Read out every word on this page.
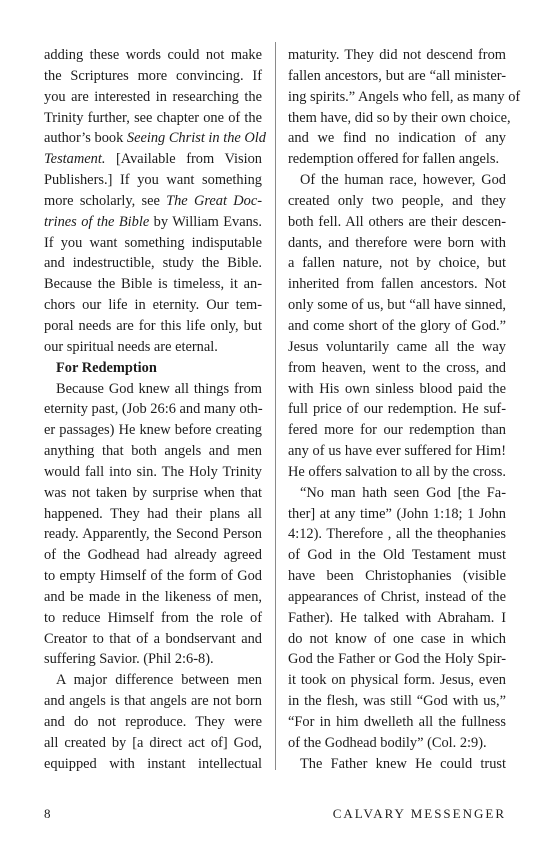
adding these words could not make
the Scriptures more convincing. If
you are interested in researching the
Trinity further, see chapter one of the
author’s book Seeing Christ in the Old
Testament. [Available from Vision
Publishers.] If you want something
more scholarly, see The Great Doc-
trines of the Bible by William Evans.
If you want something indisputable
and indestructible, study the Bible.
Because the Bible is timeless, it an-
chors our life in eternity. Our tem-
poral needs are for this life only, but
our spiritual needs are eternal.
For Redemption
Because God knew all things from
eternity past, (Job 26:6 and many oth-
er passages) He knew before creating
anything that both angels and men
would fall into sin. The Holy Trinity
was not taken by surprise when that
happened. They had their plans all
ready. Apparently, the Second Person
of the Godhead had already agreed
to empty Himself of the form of God
and be made in the likeness of men,
to reduce Himself from the role of
Creator to that of a bondservant and
suffering Savior. (Phil 2:6-8).
A major difference between men
and angels is that angels are not born
and do not reproduce. They were
all created by [a direct act of] God,
equipped with instant intellectual
maturity. They did not descend from
fallen ancestors, but are “all minister-
ing spirits.” Angels who fell, as many of
them have, did so by their own choice,
and we find no indication of any
redemption offered for fallen angels.
Of the human race, however, God
created only two people, and they
both fell. All others are their descen-
dants, and therefore were born with
a fallen nature, not by choice, but
inherited from fallen ancestors. Not
only some of us, but “all have sinned,
and come short of the glory of God.”
Jesus voluntarily came all the way
from heaven, went to the cross, and
with His own sinless blood paid the
full price of our redemption. He suf-
fered more for our redemption than
any of us have ever suffered for Him!
He offers salvation to all by the cross.
“No man hath seen God [the Fa-
ther] at any time” (John 1:18; 1 John
4:12). Therefore , all the theophanies
of God in the Old Testament must
have been Christophanies (visible
appearances of Christ, instead of the
Father). He talked with Abraham. I
do not know of one case in which
God the Father or God the Holy Spir-
it took on physical form. Jesus, even
in the flesh, was still “God with us,”
“For in him dwelleth all the fullness
of the Godhead bodily” (Col. 2:9).
The Father knew He could trust
8	CALVARY MESSENGER
